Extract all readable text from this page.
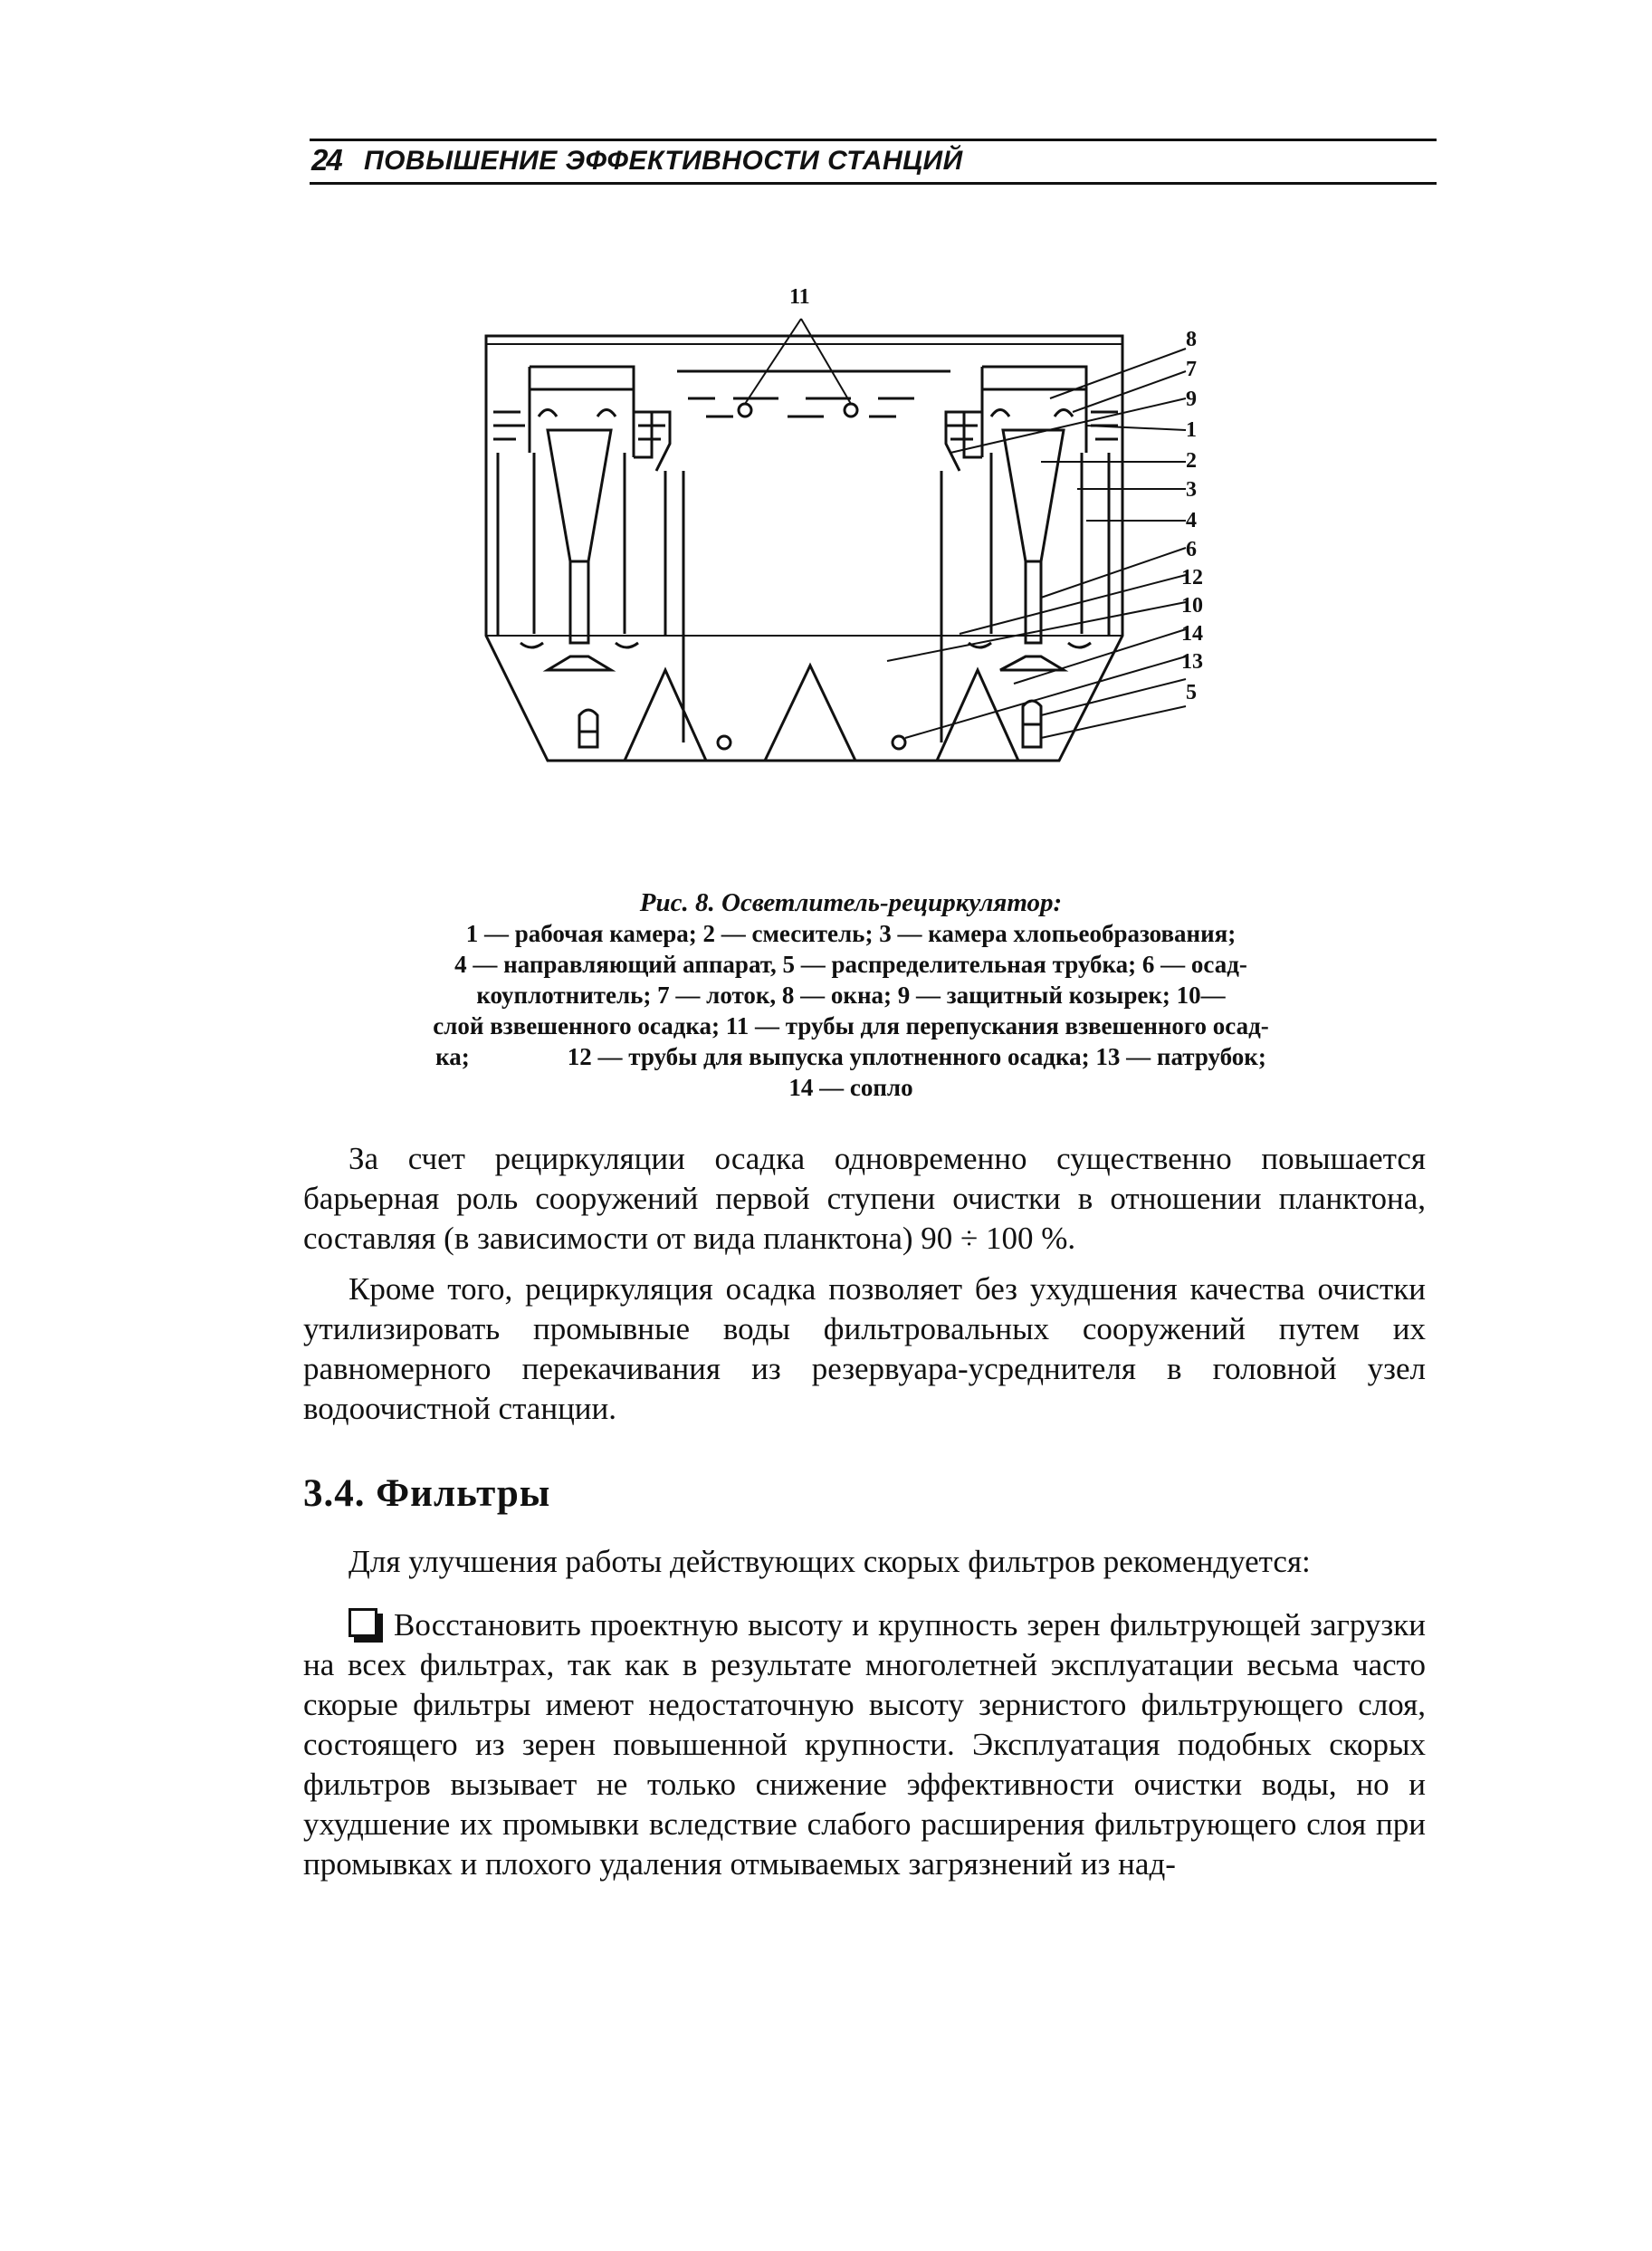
24 ПОВЫШЕНИЕ ЭФФЕКТИВНОСТИ СТАНЦИЙ
11
8
7
9
1
2
3
4
6
12
10
14
13
5
Рис. 8. Осветлитель-рециркулятор:
1 — рабочая камера; 2 — смеситель; 3 — камера хлопьеобразования;
4 — направляющий аппарат, 5 — распределительная трубка; 6 — осад-
коуплотнитель; 7 — лоток, 8 — окна; 9 — защитный козырек; 10—
слой взвешенного осадка; 11 — трубы для перепускания взвешенного осад-
ка;                12 — трубы для выпуска уплотненного осадка; 13 — патрубок;
14 — сопло

За счет рециркуляции осадка одновременно существенно повышается барьерная роль сооружений первой ступени очистки в отношении планктона, составляя (в зависимости от вида планктона) 90 ÷ 100 %.

Кроме того, рециркуляция осадка позволяет без ухудшения качества очистки утилизировать промывные воды фильтровальных сооружений путем их равномерного перекачивания из резервуара-усреднителя в головной узел водоочистной станции.

3.4. Фильтры

Для улучшения работы действующих скорых фильтров рекомендуется:

Восстановить проектную высоту и крупность зерен фильтрующей загрузки на всех фильтрах, так как в результате многолетней эксплуатации весьма часто скорые фильтры имеют недостаточную высоту зернистого фильтрующего слоя, состоящего из зерен повышенной крупности. Эксплуатация подобных скорых фильтров вызывает не только снижение эффективности очистки воды, но и ухудшение их промывки вследствие слабого расширения фильтрующего слоя при промывках и плохого удаления отмываемых загрязнений из над-
